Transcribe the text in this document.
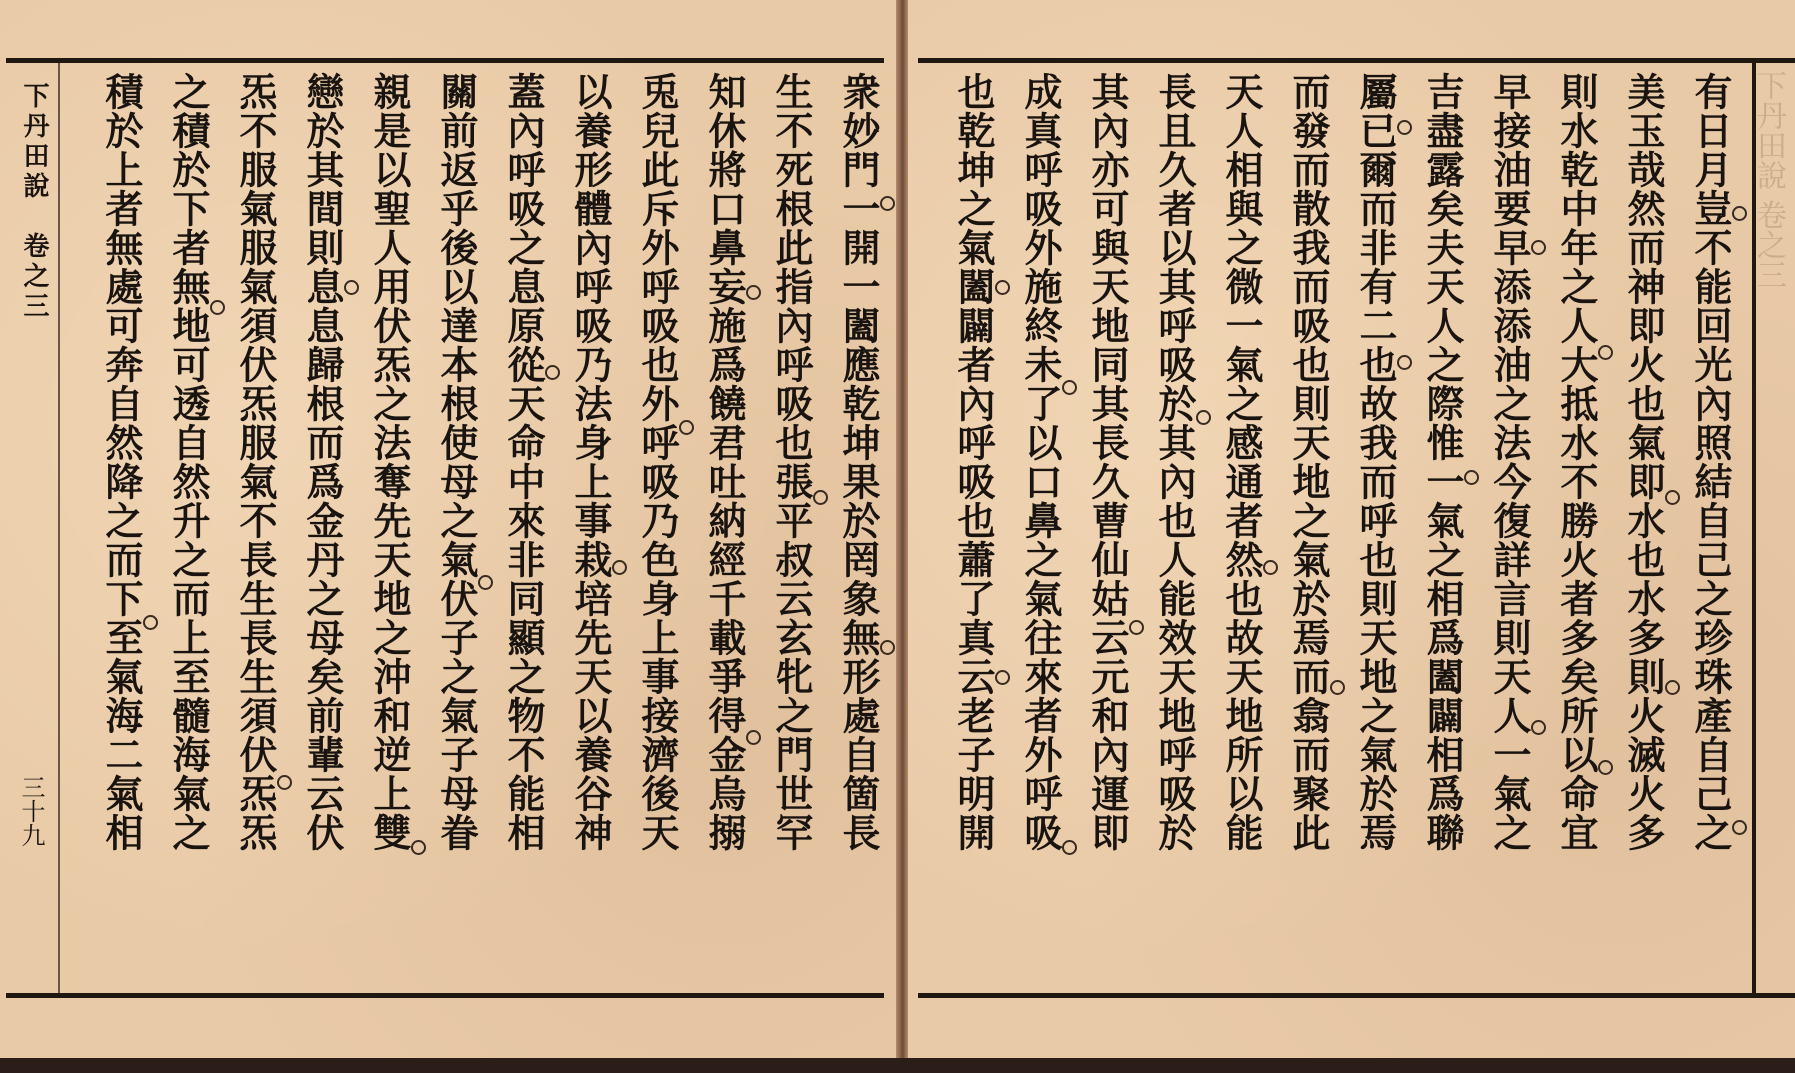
下丹田說 卷之三
下丹田說　卷之三
三十九	有日月豈不能回光內照結自己之珍珠產自己之
美玉哉然而神即火也氣即水也水多則火滅火多
則水乾中年之人大抵水不勝火者多矣所以命宜
早接油要早添添油之法今復詳言則天人一氣之
吉盡露矣夫天人之際惟一氣之相爲闔闢相爲聯
屬已爾而非有二也故我而呼也則天地之氣於焉
而發而散我而吸也則天地之氣於焉而翕而聚此
天人相與之微一氣之感通者然也故天地所以能
長且久者以其呼吸於其內也人能效天地呼吸於
其內亦可與天地同其長久曹仙姑云元和內運即
成真呼吸外施終未了以口鼻之氣往來者外呼吸
也乾坤之氣闔闢者內呼吸也蕭了真云老子明開
衆妙門一開一闔應乾坤果於罔象無形處自箇長
生不死根此指內呼吸也張平叔云玄牝之門世罕
知休將口鼻妄施爲饒君吐納經千載爭得金烏搦
兎兒此斥外呼吸也外呼吸乃色身上事接濟後天
以養形體內呼吸乃法身上事栽培先天以養谷神
蓋內呼吸之息原從天命中來非同顯之物不能相
關前返乎後以達本根使母之氣伏子之氣子母眷
親是以聖人用伏炁之法奪先天地之沖和逆上雙
戀於其間則息息歸根而爲金丹之母矣前輩云伏
炁不服氣服氣須伏炁服氣不長生長生須伏炁炁
之積於下者無地可透自然升之而上至髓海氣之
積於上者無處可奔自然降之而下至氣海二氣相
